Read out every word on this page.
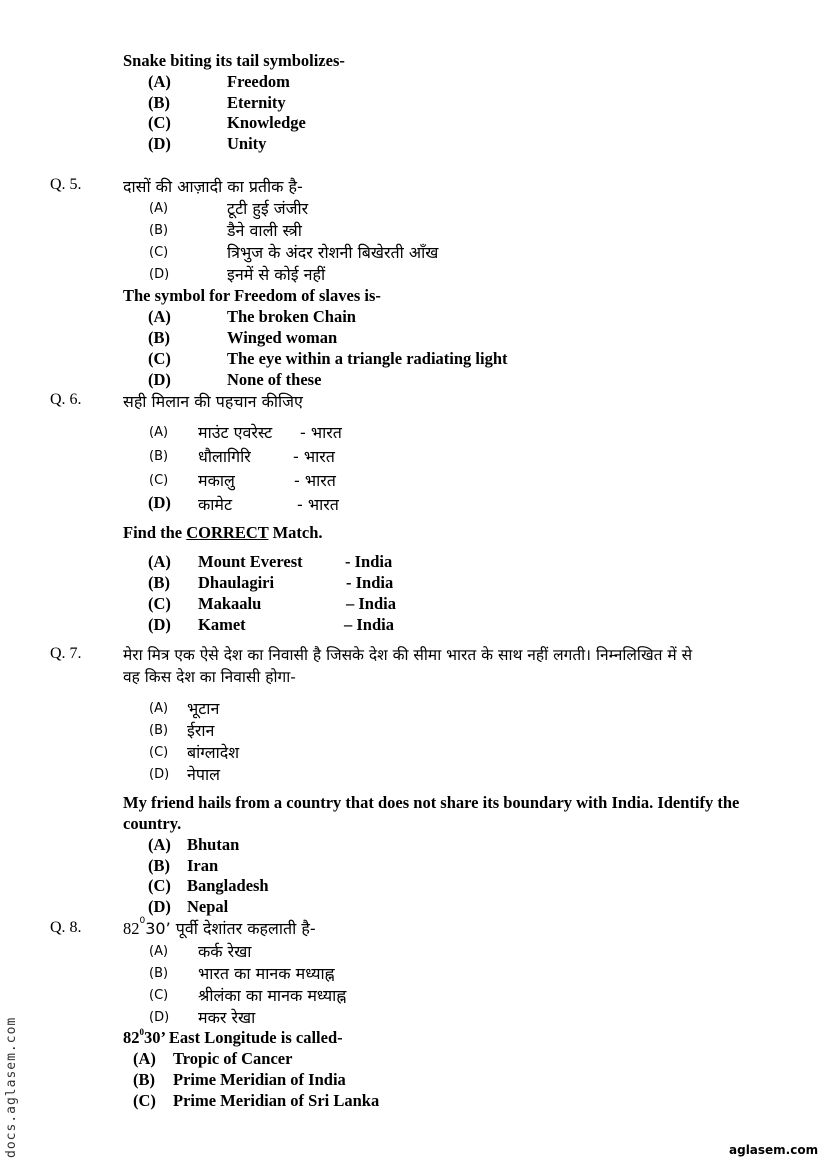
Snake biting its tail symbolizes-
(A)	Freedom
(B)	Eternity
(C)	Knowledge
(D)	Unity
Q. 5.	दासों की आज़ादी का प्रतीक है-
(A)	टूटी हुई जंजीर
(B)	डैने वाली स्त्री
(C)	त्रिभुज के अंदर रोशनी बिखेरती आँख
(D)	इनमें से कोई नहीं
The symbol for Freedom of slaves is-
(A)	The broken Chain
(B)	Winged woman
(C)	The eye within a triangle radiating light
(D)	None of these
Q. 6.	सही मिलान की पहचान कीजिए
(A) माउंट एवरेस्ट - भारत
(B) धौलागिरि	- भारत
(C) मकालु	- भारत
(D) कामेट	- भारत
Find the CORRECT Match.
(A) Mount Everest	- India
(B) Dhaulagiri	- India
(C) Makaalu	– India
(D) Kamet	– India
Q. 7.	मेरा मित्र एक ऐसे देश का निवासी है जिसके देश की सीमा भारत के साथ नहीं लगती। निम्नलिखित में से
वह किस देश का निवासी होगा-
(A) भूटान
(B) ईरान
(C) बांग्लादेश
(D) नेपाल
My friend hails from a country that does not share its boundary with India. Identify the
country.
(A) Bhutan
(B) Iran
(C) Bangladesh
(D) Nepal
Q. 8.	$82^030$’ पूर्वी देशांतर कहलाती है-
(A) कर्क रेखा
(B) भारत का मानक मध्याह्न
(C) श्रीलंका का मानक मध्याह्न
(D) मकर रेखा
$82^030$’ East Longitude is called-
(A) Tropic of Cancer
(B) Prime Meridian of India
(C) Prime Meridian of Sri Lanka
docs.aglasem.com	aglasem.com
